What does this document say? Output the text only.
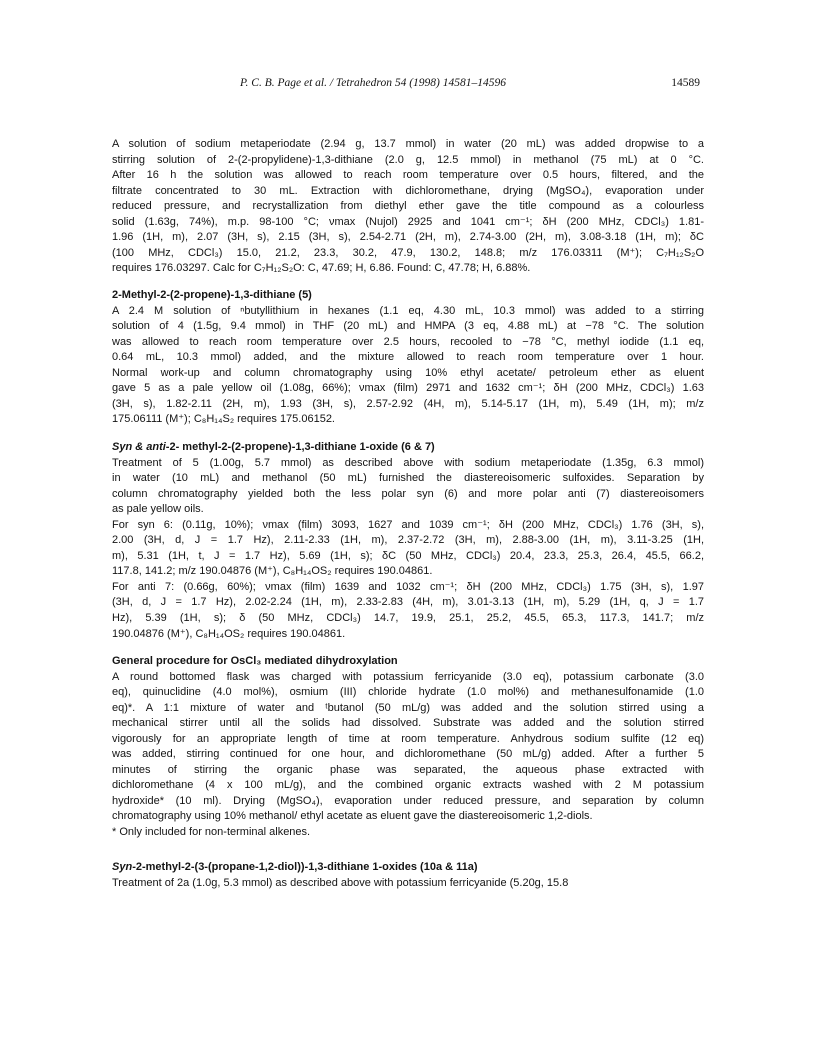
P. C. B. Page et al. / Tetrahedron 54 (1998) 14581–14596	14589
A solution of sodium metaperiodate (2.94 g, 13.7 mmol) in water (20 mL) was added dropwise to a
stirring solution of 2-(2-propylidene)-1,3-dithiane (2.0 g, 12.5 mmol) in methanol (75 mL) at 0 °C.
After 16 h the solution was allowed to reach room temperature over 0.5 hours, filtered, and the
filtrate concentrated to 30 mL. Extraction with dichloromethane, drying (MgSO₄), evaporation under
reduced pressure, and recrystallization from diethyl ether gave the title compound as a colourless
solid (1.63g, 74%), m.p. 98-100 °C; νmax (Nujol) 2925 and 1041 cm⁻¹; δH (200 MHz, CDCl₃) 1.81-
1.96 (1H, m), 2.07 (3H, s), 2.15 (3H, s), 2.54-2.71 (2H, m), 2.74-3.00 (2H, m), 3.08-3.18 (1H, m); δC
(100 MHz, CDCl₃) 15.0, 21.2, 23.3, 30.2, 47.9, 130.2, 148.8; m/z 176.03311 (M⁺); C₇H₁₂S₂O
requires 176.03297. Calc for C₇H₁₂S₂O: C, 47.69; H, 6.86. Found: C, 47.78; H, 6.88%.
2-Methyl-2-(2-propene)-1,3-dithiane (5)
A 2.4 M solution of ⁿbutyllithium in hexanes (1.1 eq, 4.30 mL, 10.3 mmol) was added to a stirring
solution of 4 (1.5g, 9.4 mmol) in THF (20 mL) and HMPA (3 eq, 4.88 mL) at −78 °C. The solution
was allowed to reach room temperature over 2.5 hours, recooled to −78 °C, methyl iodide (1.1 eq,
0.64 mL, 10.3 mmol) added, and the mixture allowed to reach room temperature over 1 hour.
Normal work-up and column chromatography using 10% ethyl acetate/ petroleum ether as eluent
gave 5 as a pale yellow oil (1.08g, 66%); νmax (film) 2971 and 1632 cm⁻¹; δH (200 MHz, CDCl₃) 1.63
(3H, s), 1.82-2.11 (2H, m), 1.93 (3H, s), 2.57-2.92 (4H, m), 5.14-5.17 (1H, m), 5.49 (1H, m); m/z
175.06111 (M⁺); C₈H₁₄S₂ requires 175.06152.
Syn & anti-2- methyl-2-(2-propene)-1,3-dithiane 1-oxide (6 & 7)
Treatment of 5 (1.00g, 5.7 mmol) as described above with sodium metaperiodate (1.35g, 6.3 mmol)
in water (10 mL) and methanol (50 mL) furnished the diastereoisomeric sulfoxides. Separation by
column chromatography yielded both the less polar syn (6) and more polar anti (7) diastereoisomers
as pale yellow oils.
For syn 6: (0.11g, 10%); νmax (film) 3093, 1627 and 1039 cm⁻¹; δH (200 MHz, CDCl₃) 1.76 (3H, s),
2.00 (3H, d, J = 1.7 Hz), 2.11-2.33 (1H, m), 2.37-2.72 (3H, m), 2.88-3.00 (1H, m), 3.11-3.25 (1H,
m), 5.31 (1H, t, J = 1.7 Hz), 5.69 (1H, s); δC (50 MHz, CDCl₃) 20.4, 23.3, 25.3, 26.4, 45.5, 66.2,
117.8, 141.2; m/z 190.04876 (M⁺), C₈H₁₄OS₂ requires 190.04861.
For anti 7: (0.66g, 60%); νmax (film) 1639 and 1032 cm⁻¹; δH (200 MHz, CDCl₃) 1.75 (3H, s), 1.97
(3H, d, J = 1.7 Hz), 2.02-2.24 (1H, m), 2.33-2.83 (4H, m), 3.01-3.13 (1H, m), 5.29 (1H, q, J = 1.7
Hz), 5.39 (1H, s); δ (50 MHz, CDCl₃) 14.7, 19.9, 25.1, 25.2, 45.5, 65.3, 117.3, 141.7; m/z
190.04876 (M⁺), C₈H₁₄OS₂ requires 190.04861.
General procedure for OsCl₃ mediated dihydroxylation
A round bottomed flask was charged with potassium ferricyanide (3.0 eq), potassium carbonate (3.0
eq), quinuclidine (4.0 mol%), osmium (III) chloride hydrate (1.0 mol%) and methanesulfonamide (1.0
eq)*. A 1:1 mixture of water and ᵗbutanol (50 mL/g) was added and the solution stirred using a
mechanical stirrer until all the solids had dissolved. Substrate was added and the solution stirred
vigorously for an appropriate length of time at room temperature. Anhydrous sodium sulfite (12 eq)
was added, stirring continued for one hour, and dichloromethane (50 mL/g) added. After a further 5
minutes of stirring the organic phase was separated, the aqueous phase extracted with
dichloromethane (4 x 100 mL/g), and the combined organic extracts washed with 2 M potassium
hydroxide* (10 ml). Drying (MgSO₄), evaporation under reduced pressure, and separation by column
chromatography using 10% methanol/ ethyl acetate as eluent gave the diastereoisomeric 1,2-diols.
* Only included for non-terminal alkenes.
Syn-2-methyl-2-(3-(propane-1,2-diol))-1,3-dithiane 1-oxides (10a & 11a)
Treatment of 2a (1.0g, 5.3 mmol) as described above with potassium ferricyanide (5.20g, 15.8
